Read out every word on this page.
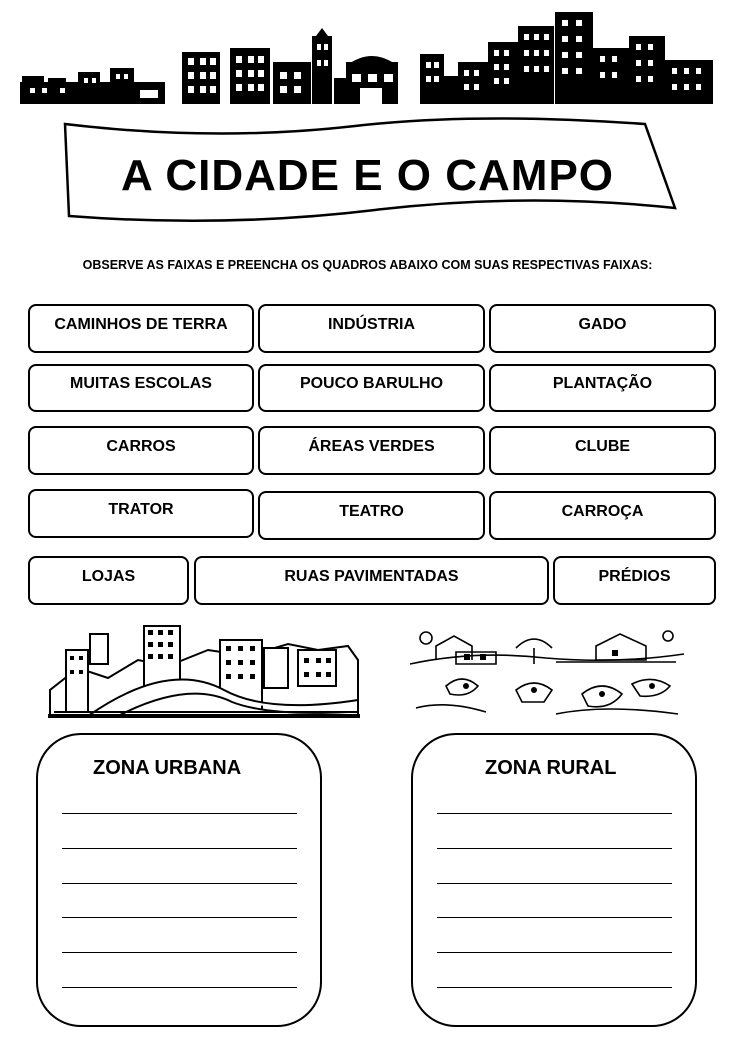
A CIDADE E O CAMPO
OBSERVE AS FAIXAS E PREENCHA OS QUADROS ABAIXO COM SUAS RESPECTIVAS FAIXAS:
CAMINHOS DE TERRA	INDÚSTRIA	GADO
MUITAS ESCOLAS	POUCO BARULHO	PLANTAÇÃO
CARROS	ÁREAS VERDES	CLUBE
TRATOR	TEATRO	CARROÇA
LOJAS	RUAS PAVIMENTADAS	PRÉDIOS
ZONA URBANA	ZONA RURAL
